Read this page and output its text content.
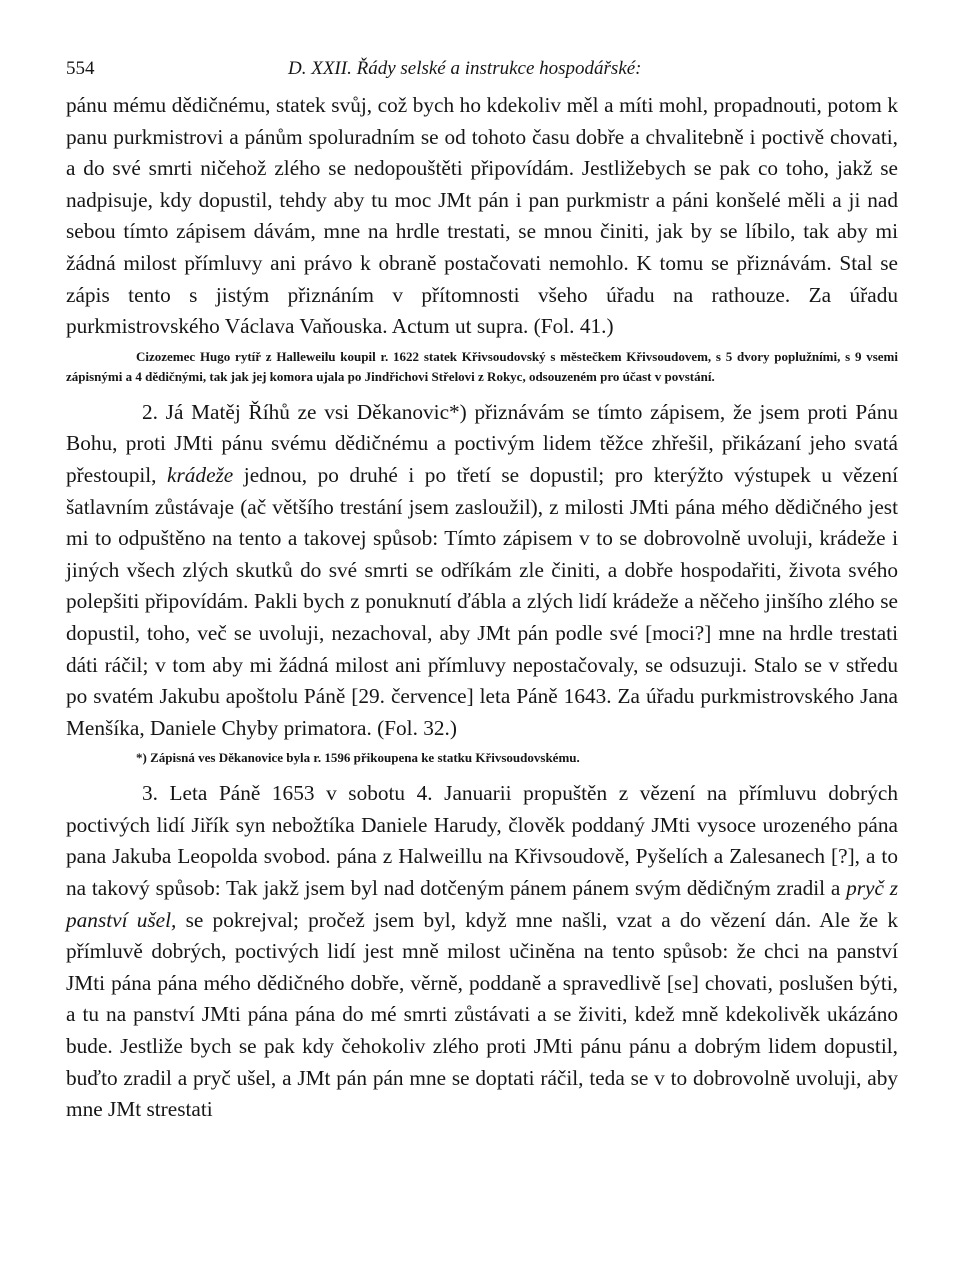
554	D. XXII. Řády selské a instrukce hospodářské:

pánu mému dědičnému, statek svůj, což bych ho kdekoliv měl a míti mohl, propadnouti, potom k panu purkmistrovi a pánům spoluradním se od tohoto času dobře a chvalitebně i poctivě chovati, a do své smrti ničehož zlého se nedopouštěti připovídám. Jestližebych se pak co toho, jakž se nadpisuje, kdy dopustil, tehdy aby tu moc JMt pán i pan purkmistr a páni konšelé měli a ji nad sebou tímto zápisem dávám, mne na hrdle trestati, se mnou činiti, jak by se líbilo, tak aby mi žádná milost přímluvy ani právo k obraně postačovati nemohlo. K tomu se přiznávám. Stal se zápis tento s jistým přiznáním v přítomnosti všeho úřadu na rathouze. Za úřadu purkmistrovského Václava Vaňouska. Actum ut supra. (Fol. 41.)

Cizozemec Hugo rytíř z Halleweilu koupil r. 1622 statek Křivsoudovský s městečkem Křivsoudovem, s 5 dvory poplužními, s 9 vsemi zápisnými a 4 dědičnými, tak jak jej komora ujala po Jindřichovi Střelovi z Rokyc, odsouzeném pro účast v povstání.

2. Já Matěj Říhů ze vsi Děkanovic*) přiznávám se tímto zápisem, že jsem proti Pánu Bohu, proti JMti pánu svému dědičnému a poctivým lidem těžce zhřešil, přikázaní jeho svatá přestoupil, krádeže jednou, po druhé i po třetí se dopustil; pro kterýžto výstupek u vězení šatlavním zůstávaje (ač většího trestání jsem zasloužil), z milosti JMti pána mého dědičného jest mi to odpuštěno na tento a takovej spůsob: Tímto zápisem v to se dobrovolně uvoluji, krádeže i jiných všech zlých skutků do své smrti se odříkám zle činiti, a dobře hospodařiti, života svého polepšiti připovídám. Pakli bych z ponuknutí ďábla a zlých lidí krádeže a něčeho jinšího zlého se dopustil, toho, več se uvoluji, nezachoval, aby JMt pán podle své [moci?] mne na hrdle trestati dáti ráčil; v tom aby mi žádná milost ani přímluvy nepostačovaly, se odsuzuji. Stalo se v středu po svatém Jakubu apoštolu Páně [29. července] leta Páně 1643. Za úřadu purkmistrovského Jana Menšíka, Daniele Chyby primatora. (Fol. 32.)

*) Zápisná ves Děkanovice byla r. 1596 přikoupena ke statku Křivsoudovskému.

3. Leta Páně 1653 v sobotu 4. Januarii propuštěn z vězení na přímluvu dobrých poctivých lidí Jiřík syn nebožtíka Daniele Harudy, člověk poddaný JMti vysoce urozeného pána pana Jakuba Leopolda svobod. pána z Halweillu na Křivsoudově, Pyšelích a Zalesanech [?], a to na takový spůsob: Tak jakž jsem byl nad dotčeným pánem pánem svým dědičným zradil a pryč z panství ušel, se pokrejval; pročež jsem byl, když mne našli, vzat a do vězení dán. Ale že k přímluvě dobrých, poctivých lidí jest mně milost učiněna na tento spůsob: že chci na panství JMti pána pána mého dědičného dobře, věrně, poddaně a spravedlivě [se] chovati, poslušen býti, a tu na panství JMti pána pána do mé smrti zůstávati a se živiti, kdež mně kdekolivěk ukázáno bude. Jestliže bych se pak kdy čehokoliv zlého proti JMti pánu pánu a dobrým lidem dopustil, buďto zradil a pryč ušel, a JMt pán pán mne se doptati ráčil, teda se v to dobrovolně uvoluji, aby mne JMt strestati
